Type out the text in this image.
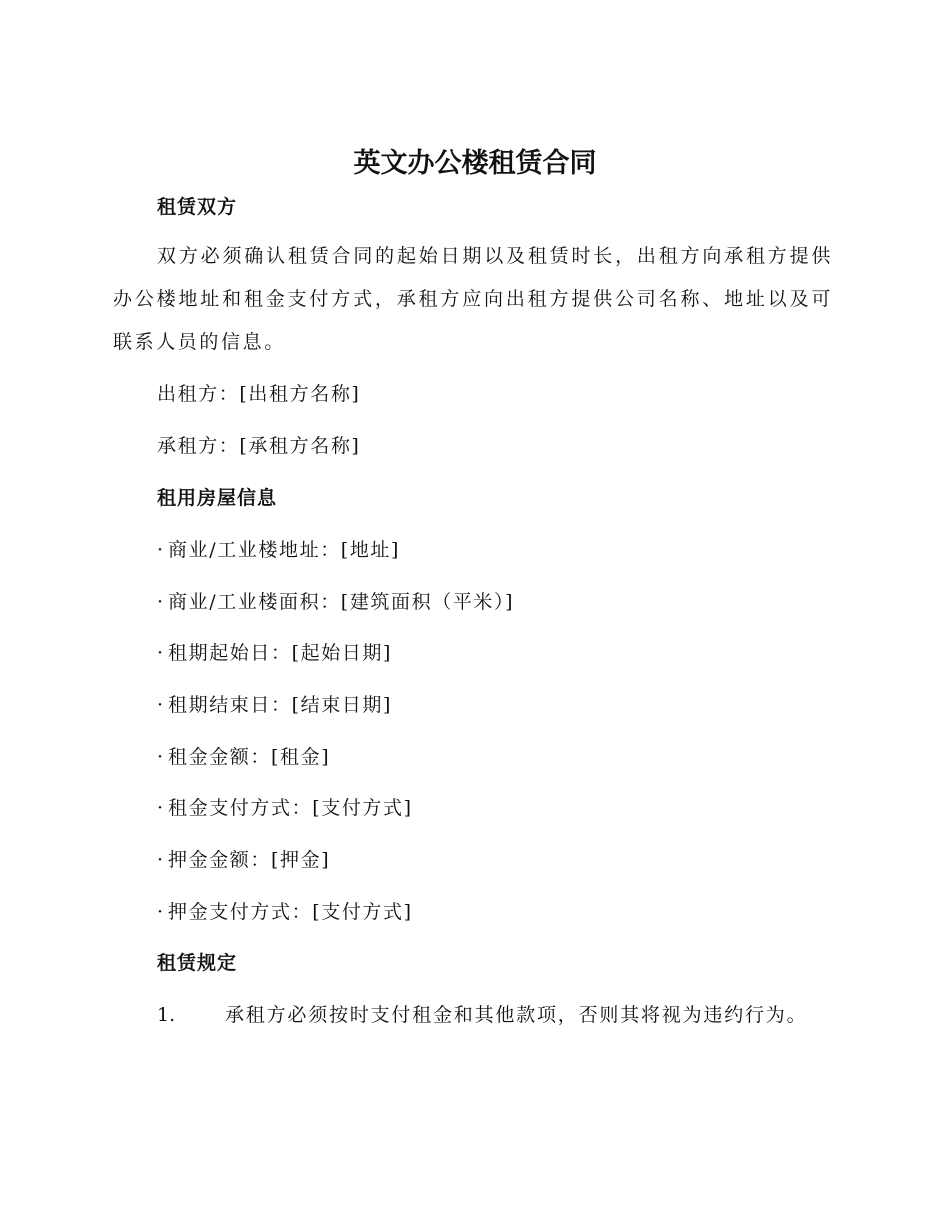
英文办公楼租赁合同
租赁双方
双方必须确认租赁合同的起始日期以及租赁时长，出租方向承租方提供办公楼地址和租金支付方式，承租方应向出租方提供公司名称、地址以及可联系人员的信息。
出租方：[出租方名称]
承租方：[承租方名称]
租用房屋信息
· 商业/工业楼地址：[地址]
· 商业/工业楼面积：[建筑面积（平米）]
· 租期起始日：[起始日期]
· 租期结束日：[结束日期]
· 租金金额：[租金]
· 租金支付方式：[支付方式]
· 押金金额：[押金]
· 押金支付方式：[支付方式]
租赁规定
1.	承租方必须按时支付租金和其他款项，否则其将视为违约行为。
